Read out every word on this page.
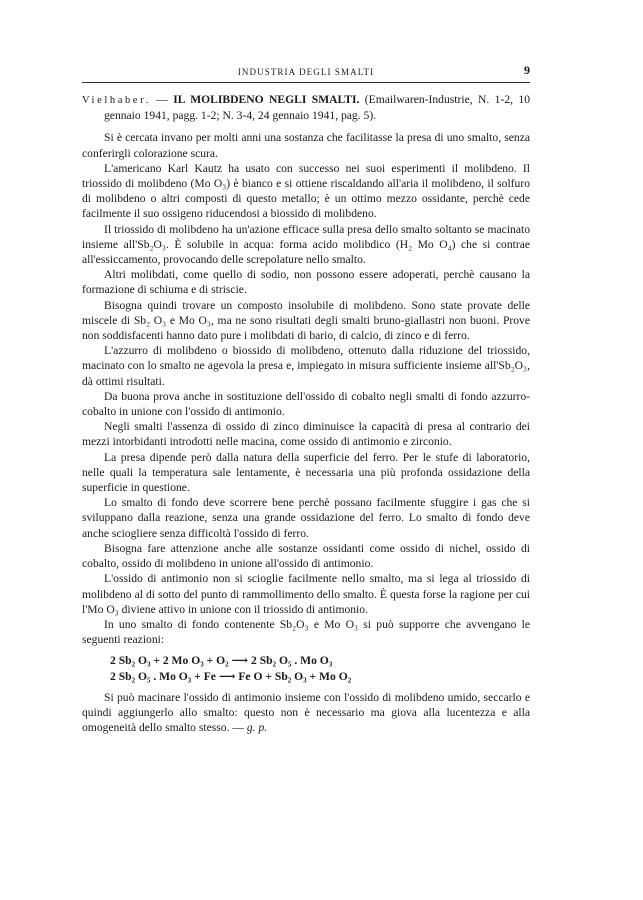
INDUSTRIA DEGLI SMALTI	9

Vielhaber. — IL MOLIBDENO NEGLI SMALTI. (Emailwaren-Industrie, N. 1-2, 10 gennaio 1941, pagg. 1-2; N. 3-4, 24 gennaio 1941, pag. 5).

Si è cercata invano per molti anni una sostanza che facilitasse la presa di uno smalto, senza conferirgli colorazione scura.

L'americano Karl Kautz ha usato con successo nei suoi esperimenti il molibdeno. Il triossido di molibdeno (Mo O₃) è bianco e si ottiene riscaldando all'aria il molibdeno, il solfuro di molibdeno o altri composti di questo metallo; è un ottimo mezzo ossidante, perchè cede facilmente il suo ossigeno riducendosi a biossido di molibdeno.

Il triossido di molibdeno ha un'azione efficace sulla presa dello smalto soltanto se macinato insieme all'Sb₂O₃. È solubile in acqua: forma acido molibdico (H₂ Mo O₄) che si contrae all'essiccamento, provocando delle screpolature nello smalto.

Altri molibdati, come quello di sodio, non possono essere adoperati, perchè causano la formazione di schiuma e di striscie.

Bisogna quindi trovare un composto insolubile di molibdeno. Sono state provate delle miscele di Sb₂ O₃ e Mo O₃, ma ne sono risultati degli smalti bruno-giallastri non buoni. Prove non soddisfacenti hanno dato pure i molibdati di bario, di calcio, di zinco e di ferro.

L'azzurro di molibdeno o biossido di molibdeno, ottenuto dalla riduzione del triossido, macinato con lo smalto ne agevola la presa e, impiegato in misura sufficiente insieme all'Sb₂O₃, dà ottimi risultati.

Da buona prova anche in sostituzione dell'ossido di cobalto negli smalti di fondo azzurro-cobalto in unione con l'ossido di antimonio.

Negli smalti l'assenza di ossido di zinco diminuisce la capacità di presa al contrario dei mezzi intorbidanti introdotti nelle macina, come ossido di antimonio e zirconio.

La presa dipende però dalla natura della superficie del ferro. Per le stufe di laboratorio, nelle quali la temperatura sale lentamente, è necessaria una più profonda ossidazione della superficie in questione.

Lo smalto di fondo deve scorrere bene perchè possano facilmente sfuggire i gas che si sviluppano dalla reazione, senza una grande ossidazione del ferro. Lo smalto di fondo deve anche sciogliere senza difficoltà l'ossido di ferro.

Bisogna fare attenzione anche alle sostanze ossidanti come ossido di nichel, ossido di cobalto, ossido di molibdeno in unione all'ossido di antimonio.

L'ossido di antimonio non si scioglie facilmente nello smalto, ma si lega al triossido di molibdeno al di sotto del punto di rammollimento dello smalto. È questa forse la ragione per cui l'Mo O₃ diviene attivo in unione con il triossido di antimonio.

In uno smalto di fondo contenente Sb₂O₃ e Mo O₃ si può supporre che avvengano le seguenti reazioni:

2 Sb₂ O₃ + 2 Mo O₃ + O₂ ⟶ 2 Sb₂ O₅ . Mo O₃
2 Sb₂ O₅ . Mo O₃ + Fe ⟶ Fe O + Sb₂ O₃ + Mo O₂

Si può macinare l'ossido di antimonio insieme con l'ossido di molibdeno umido, seccarlo e quindi aggiungerlo allo smalto: questo non è necessario ma giova alla lucentezza e alla omogeneità dello smalto stesso. — g. p.
